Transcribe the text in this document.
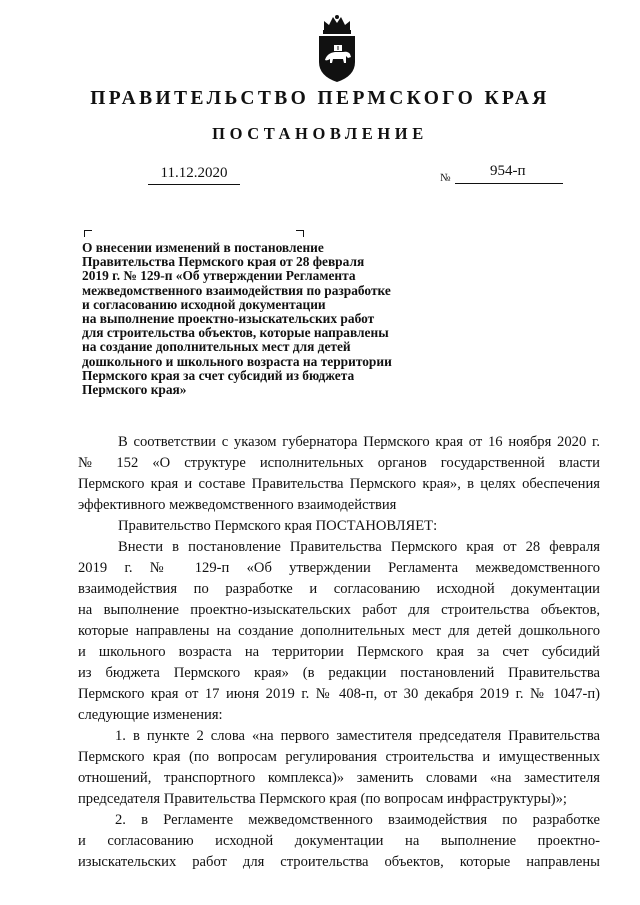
ПРАВИТЕЛЬСТВО ПЕРМСКОГО КРАЯ
ПОСТАНОВЛЕНИЕ
11.12.2020	№	954-п
О внесении изменений в постановление
Правительства Пермского края от 28 февраля
2019 г. № 129-п «Об утверждении Регламента
межведомственного взаимодействия по разработке
и согласованию исходной документации
на выполнение проектно-изыскательских работ
для строительства объектов, которые направлены
на создание дополнительных мест для детей
дошкольного и школьного возраста на территории
Пермского края за счет субсидий из бюджета
Пермского края»
В соответствии с указом губернатора Пермского края от 16 ноября 2020 г.
№ 152 «О структуре исполнительных органов государственной власти
Пермского края и составе Правительства Пермского края», в целях обеспечения
эффективного межведомственного взаимодействия
Правительство Пермского края ПОСТАНОВЛЯЕТ:
Внести в постановление Правительства Пермского края от 28 февраля
2019 г. № 129-п «Об утверждении Регламента межведомственного
взаимодействия по разработке и согласованию исходной документации
на выполнение проектно-изыскательских работ для строительства объектов,
которые направлены на создание дополнительных мест для детей дошкольного
и школьного возраста на территории Пермского края за счет субсидий
из бюджета Пермского края» (в редакции постановлений Правительства
Пермского края от 17 июня 2019 г. № 408-п, от 30 декабря 2019 г. № 1047-п)
следующие изменения:
1. в пункте 2 слова «на первого заместителя председателя Правительства
Пермского края (по вопросам регулирования строительства и имущественных
отношений, транспортного комплекса)» заменить словами «на заместителя
председателя Правительства Пермского края (по вопросам инфраструктуры)»;
2. в Регламенте межведомственного взаимодействия по разработке
и согласованию исходной документации на выполнение проектно-
изыскательских работ для строительства объектов, которые направлены
